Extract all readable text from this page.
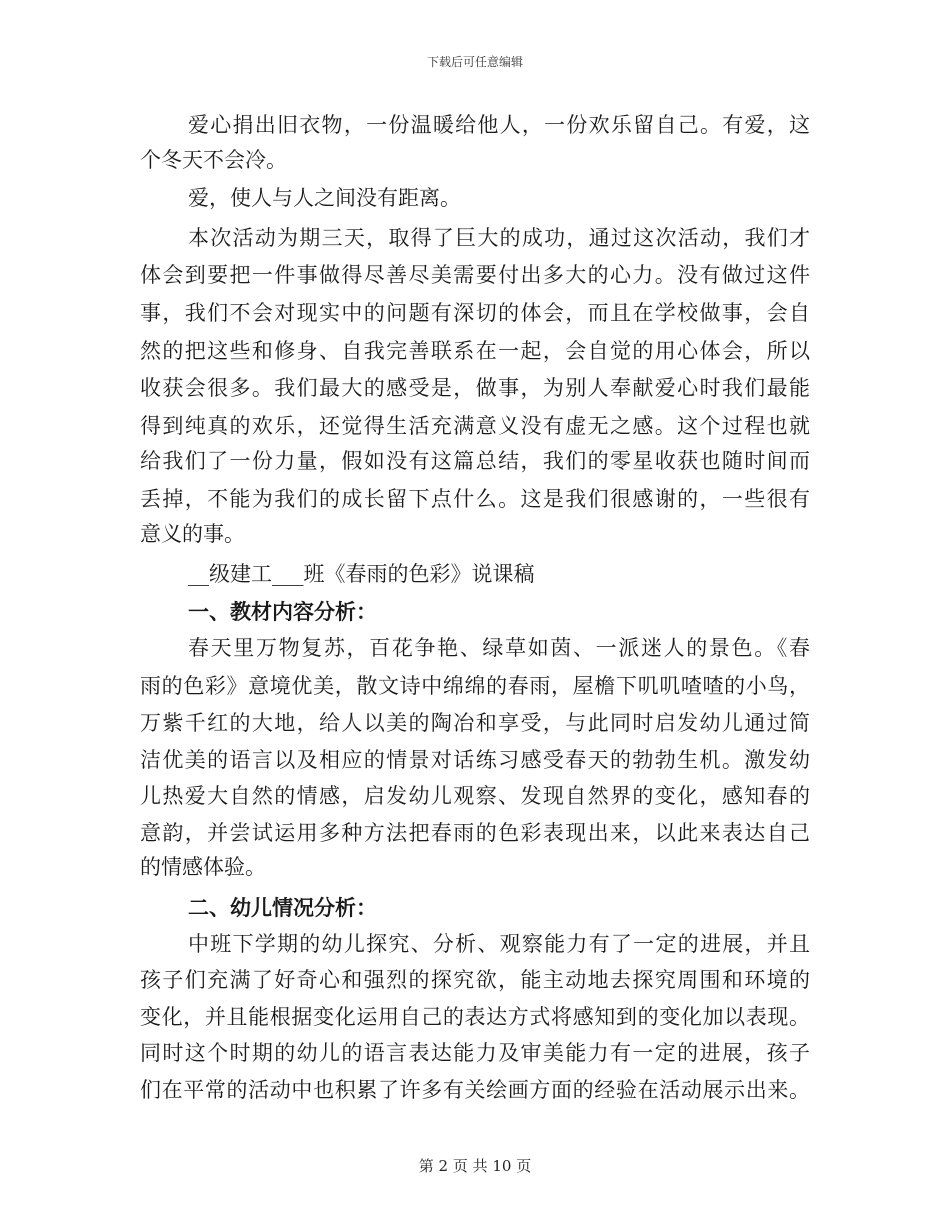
下载后可任意编辑
爱心捐出旧衣物，一份温暖给他人，一份欢乐留自己。有爱，这
个冬天不会冷。
爱，使人与人之间没有距离。
本次活动为期三天，取得了巨大的成功，通过这次活动，我们才
体会到要把一件事做得尽善尽美需要付出多大的心力。没有做过这件
事，我们不会对现实中的问题有深切的体会，而且在学校做事，会自
然的把这些和修身、自我完善联系在一起，会自觉的用心体会，所以
收获会很多。我们最大的感受是，做事，为别人奉献爱心时我们最能
得到纯真的欢乐，还觉得生活充满意义没有虚无之感。这个过程也就
给我们了一份力量，假如没有这篇总结，我们的零星收获也随时间而
丢掉，不能为我们的成长留下点什么。这是我们很感谢的，一些很有
意义的事。
__级建工___班《春雨的色彩》说课稿
一、教材内容分析：
春天里万物复苏，百花争艳、绿草如茵、一派迷人的景色。《春
雨的色彩》意境优美，散文诗中绵绵的春雨，屋檐下叽叽喳喳的小鸟，
万紫千红的大地，给人以美的陶冶和享受，与此同时启发幼儿通过简
洁优美的语言以及相应的情景对话练习感受春天的勃勃生机。激发幼
儿热爱大自然的情感，启发幼儿观察、发现自然界的变化，感知春的
意韵，并尝试运用多种方法把春雨的色彩表现出来，以此来表达自己
的情感体验。
二、幼儿情况分析：
中班下学期的幼儿探究、分析、观察能力有了一定的进展，并且
孩子们充满了好奇心和强烈的探究欲，能主动地去探究周围和环境的
变化，并且能根据变化运用自己的表达方式将感知到的变化加以表现。
同时这个时期的幼儿的语言表达能力及审美能力有一定的进展，孩子
们在平常的活动中也积累了许多有关绘画方面的经验在活动展示出来。
第 2 页 共 10 页
